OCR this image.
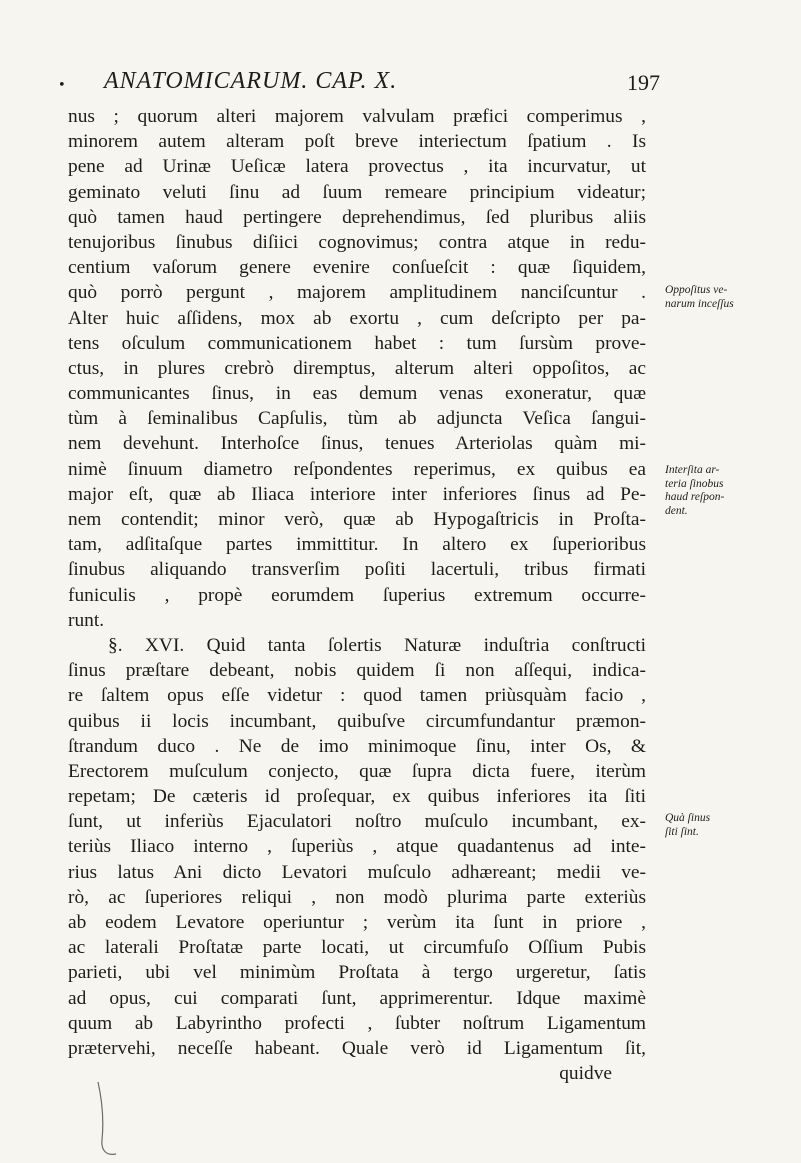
• ANATOMICARUM. CAP. X.	197
nus ; quorum alteri majorem valvulam præfici comperimus ,
minorem autem alteram poſt breve interiectum ſpatium . Is
pene ad Urinæ Ueſicæ latera provectus , ita incurvatur, ut
geminato veluti ſinu ad ſuum remeare principium videatur;
quò tamen haud pertingere deprehendimus, ſed pluribus aliis
tenujoribus ſinubus diſiici cognovimus; contra atque in redu-
centium vaſorum genere evenire conſueſcit : quæ ſiquidem,
quò porrò pergunt , majorem amplitudinem nanciſcuntur .
Alter huic aſſidens, mox ab exortu , cum deſcripto per pa-
tens oſculum communicationem habet : tum ſursùm prove-
ctus, in plures crebrò diremptus, alterum alteri oppoſitos, ac
communicantes ſinus, in eas demum venas exoneratur, quæ
tùm à ſeminalibus Capſulis, tùm ab adjuncta Veſica ſangui-
nem devehunt. Interhoſce ſinus, tenues Arteriolas quàm mi-
nimè ſinuum diametro reſpondentes reperimus, ex quibus ea
major eſt, quæ ab Iliaca interiore inter inferiores ſinus ad Pe-
nem contendit; minor verò, quæ ab Hypogaſtricis in Proſta-
tam, adſitaſque partes immittitur. In altero ex ſuperioribus
ſinubus aliquando transverſim poſiti lacertuli, tribus firmati
funiculis , propè eorumdem ſuperius extremum occurre-
runt.
§. XVI. Quid tanta ſolertis Naturæ induſtria conſtructi
ſinus præſtare debeant, nobis quidem ſi non aſſequi, indica-
re ſaltem opus eſſe videtur : quod tamen priùsquàm facio ,
quibus ii locis incumbant, quibuſve circumfundantur præmon-
ſtrandum duco . Ne de imo minimoque ſinu, inter Os, &
Erectorem muſculum conjecto, quæ ſupra dicta fuere, iterùm
repetam; De cæteris id proſequar, ex quibus inferiores ita ſiti
ſunt, ut inferiùs Ejaculatori noſtro muſculo incumbant, ex-
teriùs Iliaco interno , ſuperiùs , atque quadantenus ad inte-
rius latus Ani dicto Levatori muſculo adhæreant; medii ve-
rò, ac ſuperiores reliqui , non modò plurima parte exteriùs
ab eodem Levatore operiuntur ; verùm ita ſunt in priore ,
ac laterali Proſtatæ parte locati, ut circumfuſo Oſſium Pubis
parieti, ubi vel minimùm Proſtata à tergo urgeretur, ſatis
ad opus, cui comparati ſunt, apprimerentur. Idque maximè
quum ab Labyrintho profecti , ſubter noſtrum Ligamentum
prætervehi, neceſſe habeant. Quale verò id Ligamentum ſit,
quidve
Oppoſitus ve-
narum inceſſus
Interſita ar-
teria ſinobus
haud reſpon-
dent.
Quà ſinus
ſiti ſint.
